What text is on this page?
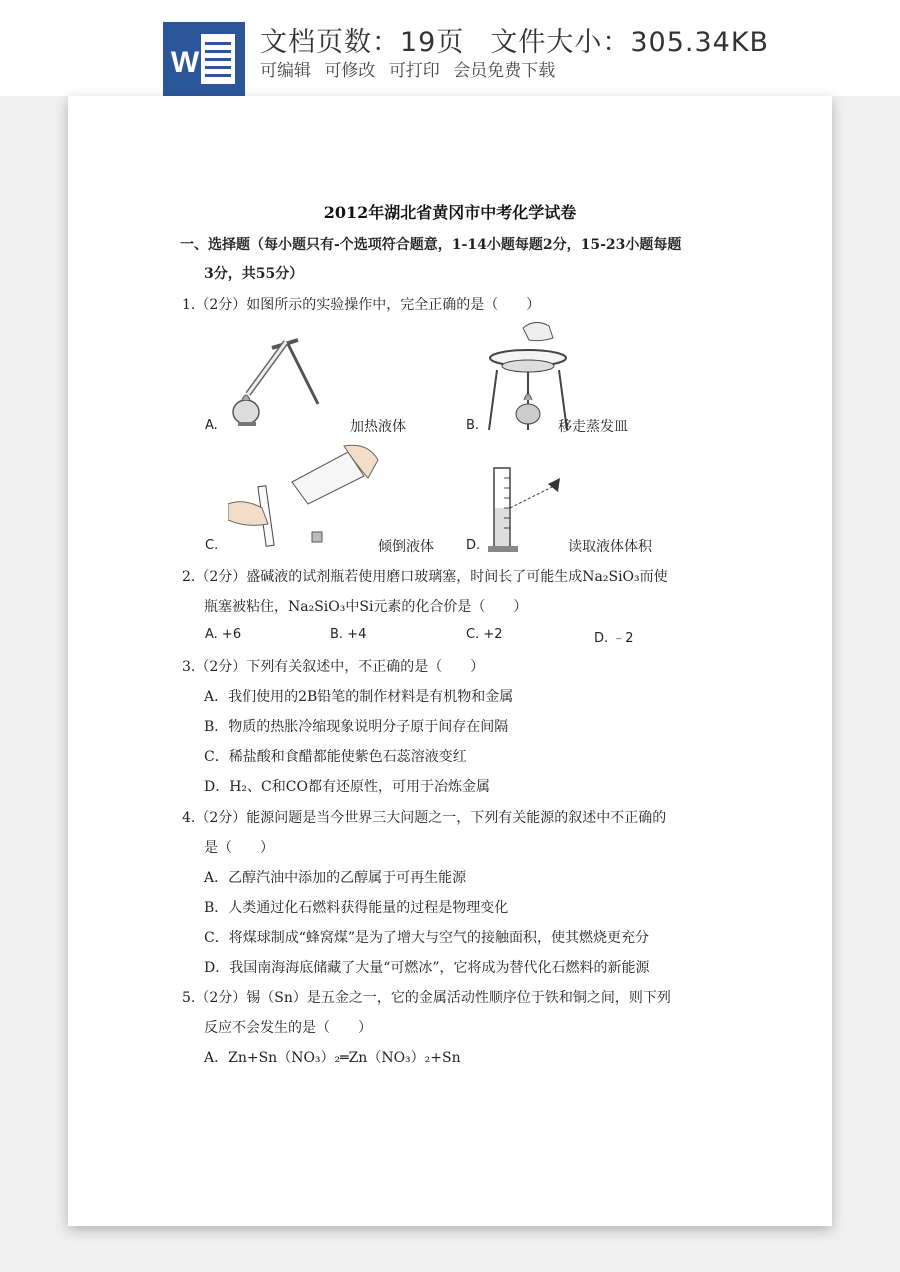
W
文档页数：19页 文件大小：305.34KB
可编辑 可修改 可打印 会员免费下载
2012年湖北省黄冈市中考化学试卷
一、选择题（每小题只有-个选项符合题意，1-14小题每题2分，15-23小题每题
3分，共55分）
1.（2分）如图所示的实验操作中，完全正确的是（　　）
A.	加热液体	B.	移走蒸发皿
C.	倾倒液体 D.	读取液体体积
2.（2分）盛碱液的试剂瓶若使用磨口玻璃塞，时间长了可能生成Na₂SiO₃而使
瓶塞被粘住，Na₂SiO₃中Si元素的化合价是（　　）
A. +6	B. +4	C. +2	D. ﹣2
3.（2分）下列有关叙述中，不正确的是（　　）
A．我们使用的2B铅笔的制作材料是有机物和金属
B．物质的热胀冷缩现象说明分子原于间存在间隔
C．稀盐酸和食醋都能使紫色石蕊溶液变红
D．H₂、C和CO都有还原性，可用于冶炼金属
4.（2分）能源问题是当今世界三大问题之一，下列有关能源的叙述中不正确的
是（　　）
A．乙醇汽油中添加的乙醇属于可再生能源
B．人类通过化石燃料获得能量的过程是物理变化
C．将煤球制成“蜂窝煤”是为了增大与空气的接触面积，使其燃烧更充分
D．我国南海海底储藏了大量“可燃冰”，它将成为替代化石燃料的新能源
5.（2分）锡（Sn）是五金之一，它的金属活动性顺序位于铁和铜之间，则下列
反应不会发生的是（　　）
A．Zn+Sn（NO₃）₂═Zn（NO₃）₂+Sn
